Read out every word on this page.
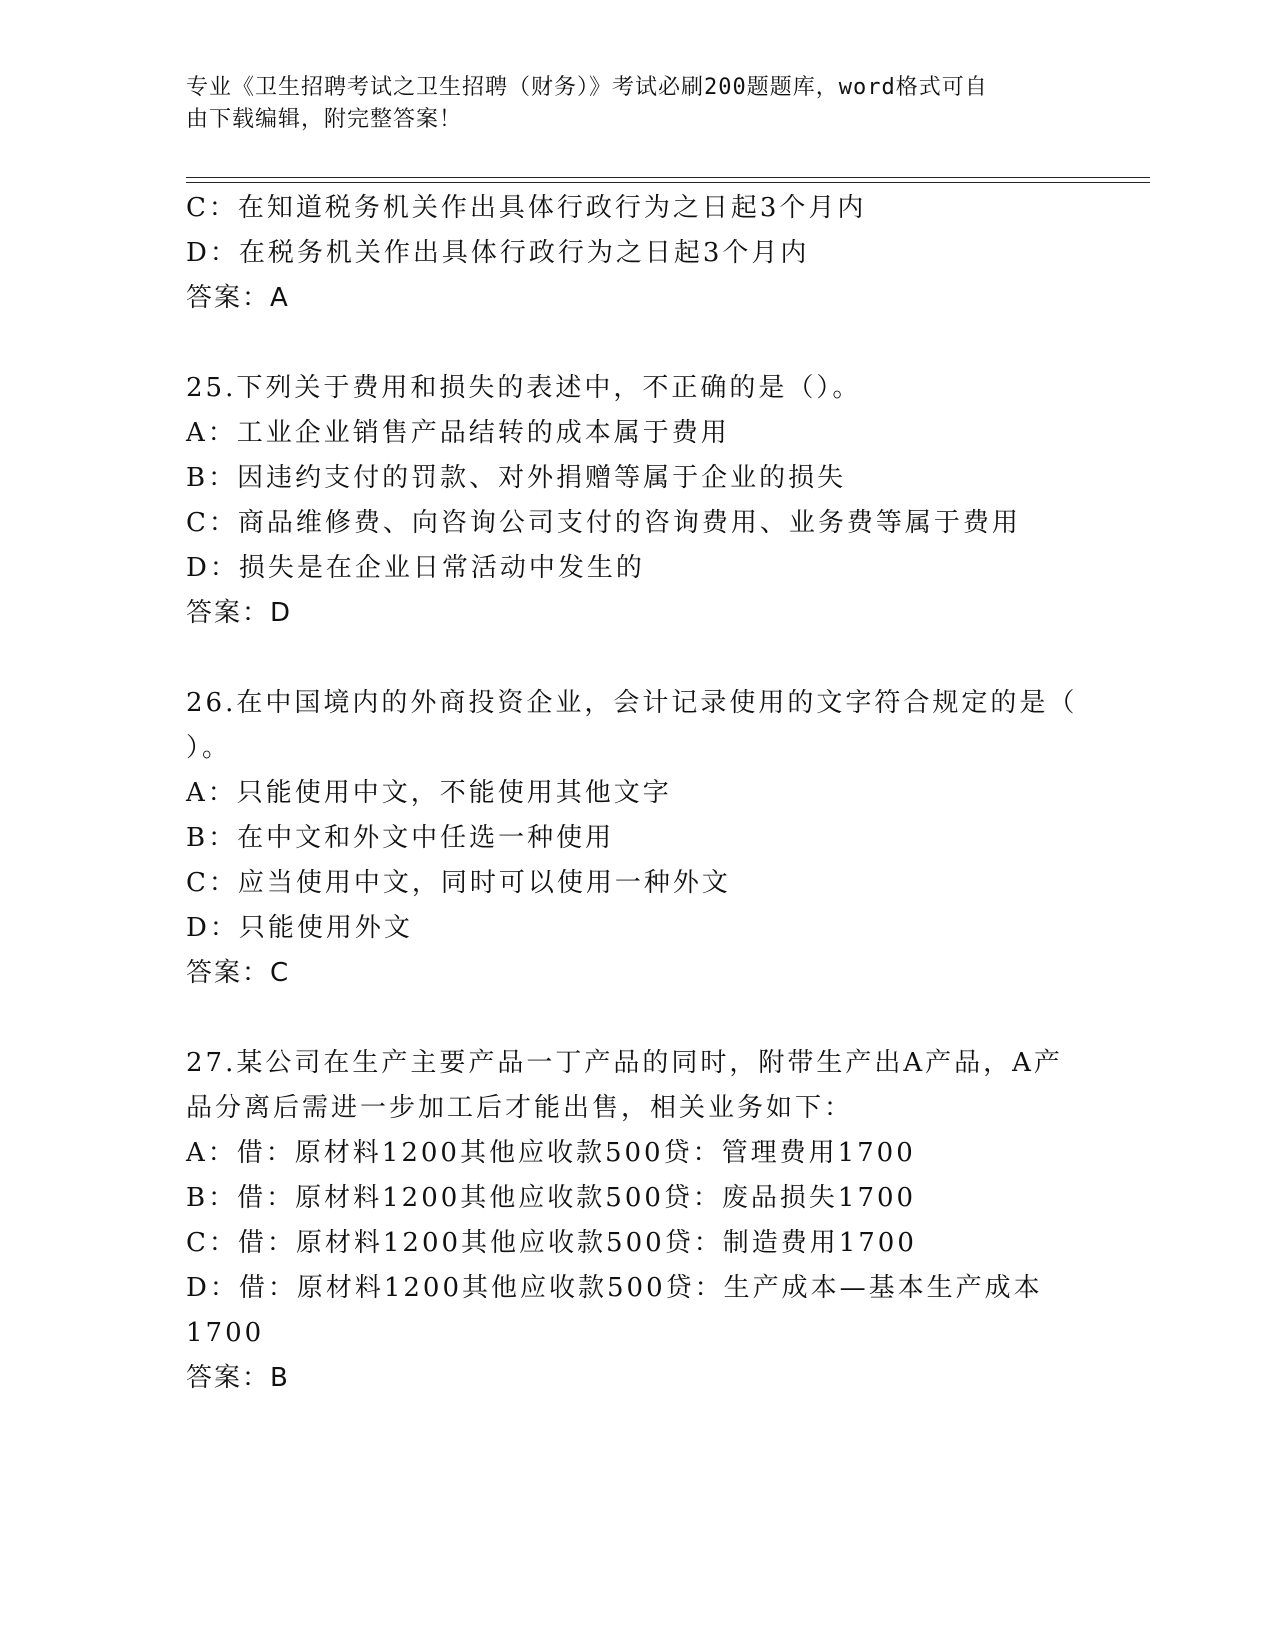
专业《卫生招聘考试之卫生招聘（财务）》考试必刷200题题库，word格式可自
由下载编辑，附完整答案！
C：在知道税务机关作出具体行政行为之日起3个月内
D：在税务机关作出具体行政行为之日起3个月内
答案：A
25.下列关于费用和损失的表述中，不正确的是（）。
A：工业企业销售产品结转的成本属于费用
B：因违约支付的罚款、对外捐赠等属于企业的损失
C：商品维修费、向咨询公司支付的咨询费用、业务费等属于费用
D：损失是在企业日常活动中发生的
答案：D
26.在中国境内的外商投资企业，会计记录使用的文字符合规定的是（
）。
A：只能使用中文，不能使用其他文字
B：在中文和外文中任选一种使用
C：应当使用中文，同时可以使用一种外文
D：只能使用外文
答案：C
27.某公司在生产主要产品一丁产品的同时，附带生产出A产品，A产
品分离后需进一步加工后才能出售，相关业务如下：
A：借：原材料1200其他应收款500贷：管理费用1700
B：借：原材料1200其他应收款500贷：废品损失1700
C：借：原材料1200其他应收款500贷：制造费用1700
D：借：原材料1200其他应收款500贷：生产成本—基本生产成本
1700
答案：B
